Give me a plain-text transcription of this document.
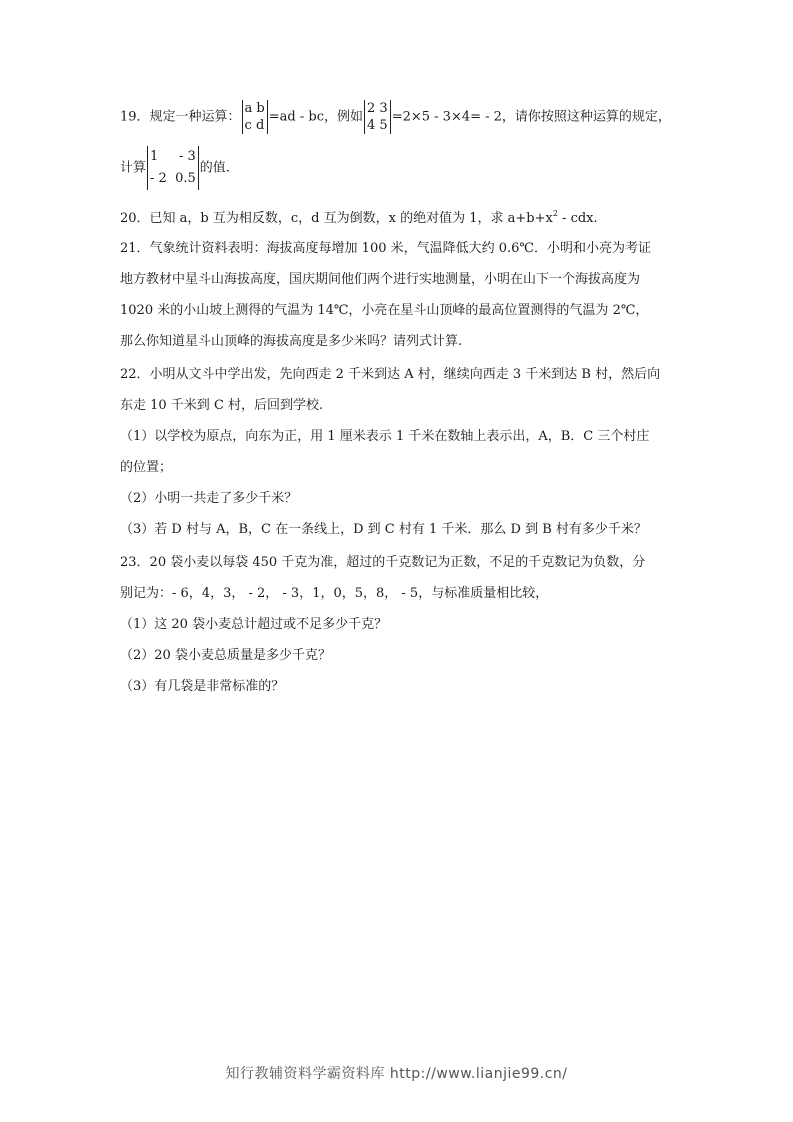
19．规定一种运算：
a b
c d
=ad - bc，例如
2 3
4 5
=2×5 - 3×4= - 2，请你按照这种运算的规定，
计算
1     - 3
- 2  0.5
的值.
20．已知 a，b 互为相反数，c，d 互为倒数，x 的绝对值为 1，求 $a+b+x^2$ - cdx.
21．气象统计资料表明：海拔高度每增加 100 米，气温降低大约 0.6℃．小明和小亮为考证
地方教材中星斗山海拔高度，国庆期间他们两个进行实地测量，小明在山下一个海拔高度为
1020 米的小山坡上测得的气温为 14℃，小亮在星斗山顶峰的最高位置测得的气温为 2℃，
那么你知道星斗山顶峰的海拔高度是多少米吗？请列式计算.
22．小明从文斗中学出发，先向西走 2 千米到达 A 村，继续向西走 3 千米到达 B 村，然后向
东走 10 千米到 C 村，后回到学校.
（1）以学校为原点，向东为正，用 1 厘米表示 1 千米在数轴上表示出，A，B．C 三个村庄
的位置；
（2）小明一共走了多少千米？
（3）若 D 村与 A，B，C 在一条线上，D 到 C 村有 1 千米．那么 D 到 B 村有多少千米？
23．20 袋小麦以每袋 450 千克为准，超过的千克数记为正数，不足的千克数记为负数，分
别记为：- 6，4，3， - 2， - 3，1，0，5，8， - 5，与标准质量相比较，
（1）这 20 袋小麦总计超过或不足多少千克？
（2）20 袋小麦总质量是多少千克？
（3）有几袋是非常标准的？
知行教辅资料学霸资料库 http://www.lianjie99.cn/
